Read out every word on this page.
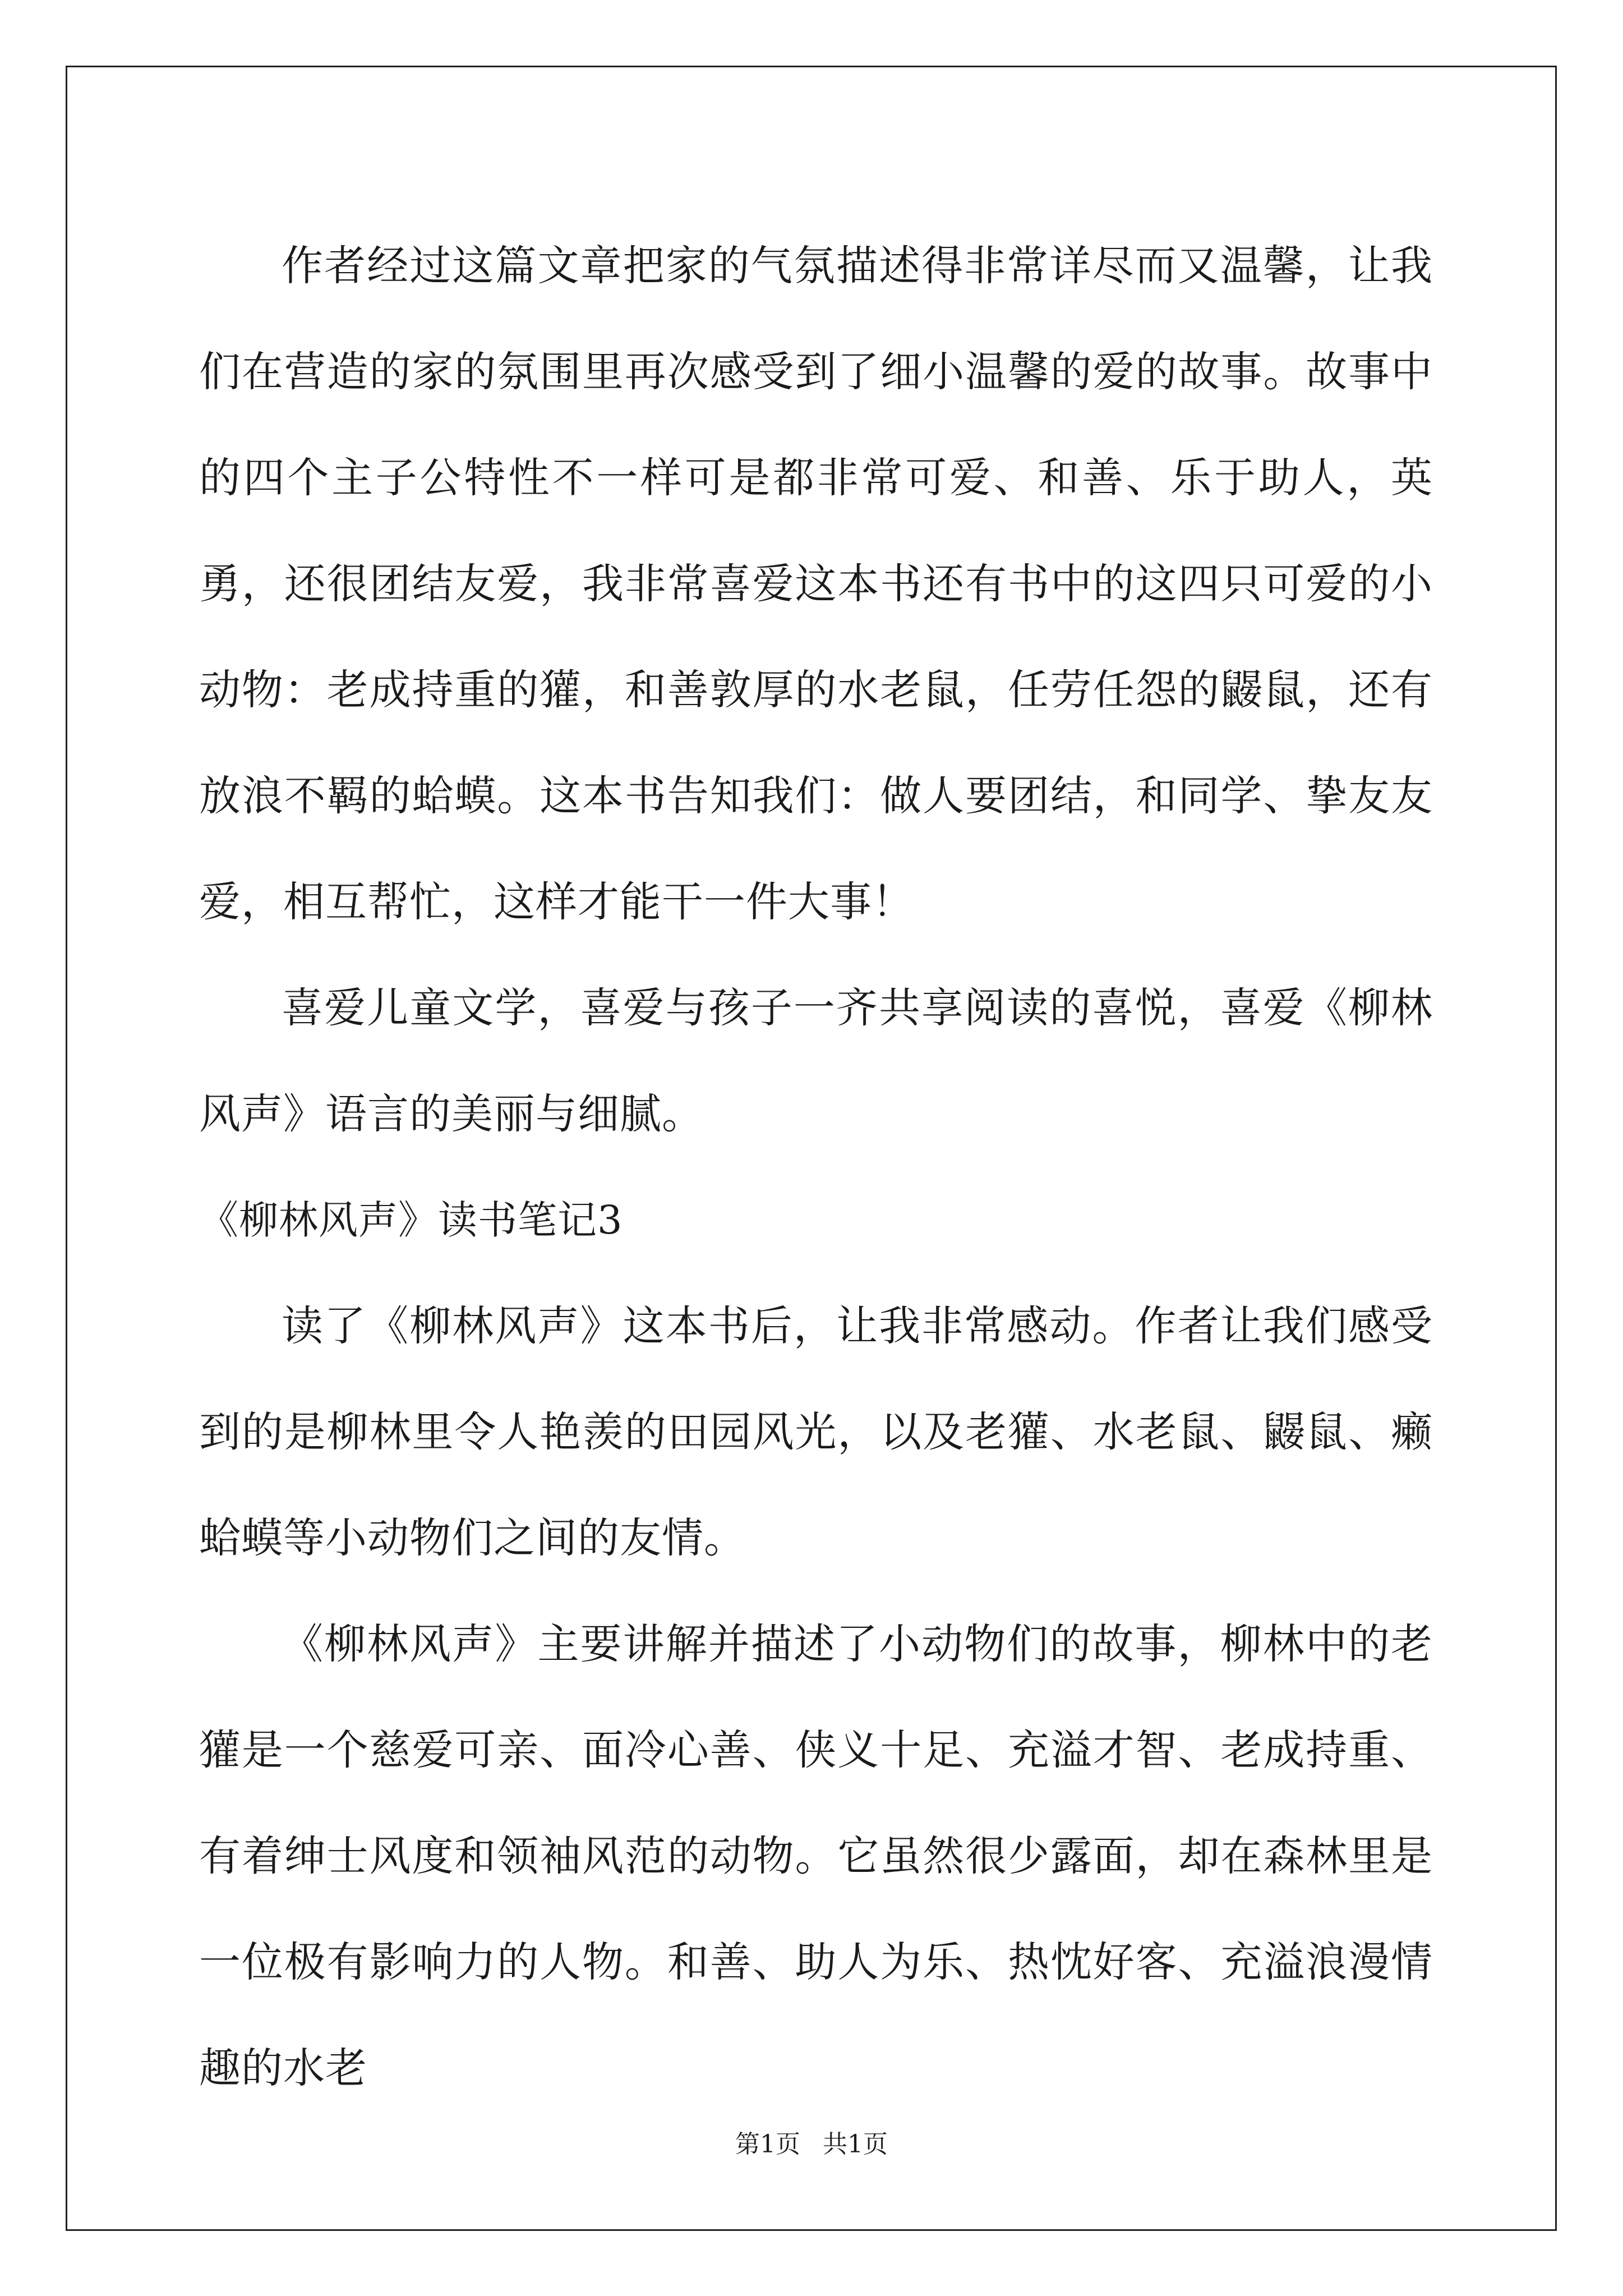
作者经过这篇文章把家的气氛描述得非常详尽而又温馨，让我们在营造的家的氛围里再次感受到了细小温馨的爱的故事。故事中的四个主子公特性不一样可是都非常可爱、和善、乐于助人，英勇，还很团结友爱，我非常喜爱这本书还有书中的这四只可爱的小动物：老成持重的獾，和善敦厚的水老鼠，任劳任怨的鼹鼠，还有放浪不羁的蛤蟆。这本书告知我们：做人要团结，和同学、挚友友爱，相互帮忙，这样才能干一件大事！

喜爱儿童文学，喜爱与孩子一齐共享阅读的喜悦，喜爱《柳林风声》语言的美丽与细腻。

《柳林风声》读书笔记3

读了《柳林风声》这本书后，让我非常感动。作者让我们感受到的是柳林里令人艳羡的田园风光，以及老獾、水老鼠、鼹鼠、癞蛤蟆等小动物们之间的友情。

《柳林风声》主要讲解并描述了小动物们的故事，柳林中的老獾是一个慈爱可亲、面冷心善、侠义十足、充溢才智、老成持重、有着绅士风度和领袖风范的动物。它虽然很少露面，却在森林里是一位极有影响力的人物。和善、助人为乐、热忱好客、充溢浪漫情趣的水老

第1页 共1页
